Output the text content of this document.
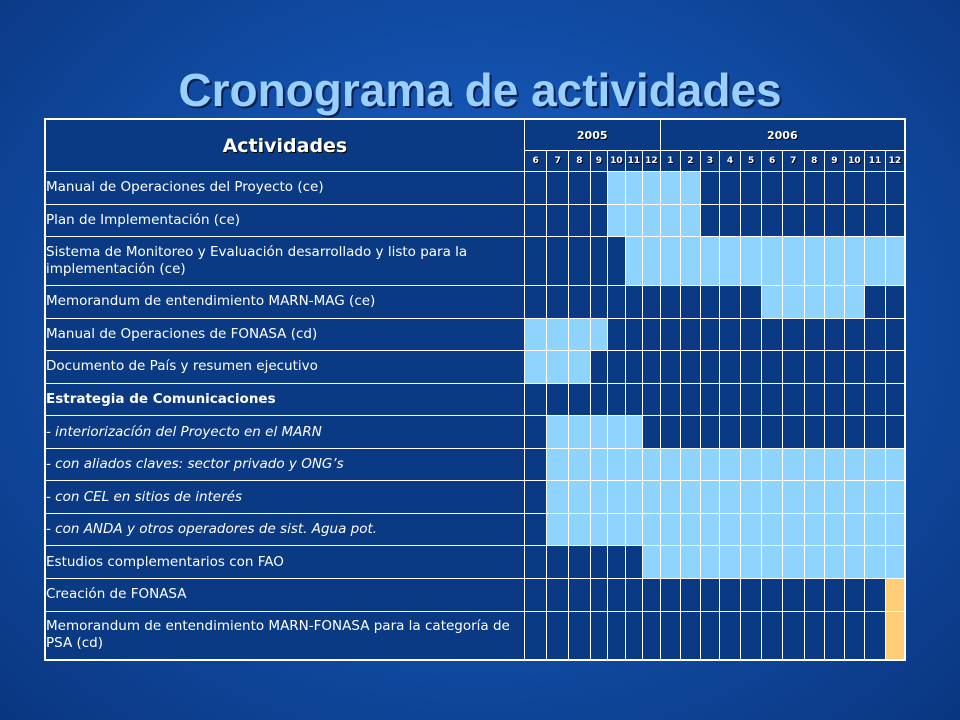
Cronograma de actividades
Actividades	2005							2006											
	6	7	8	9	10	11	12	1	2	3	4	5	6	7	8	9	10	11	12
Manual de Operaciones del Proyecto (ce)																			
Plan de Implementación (ce)																			
Sistema de Monitoreo y Evaluación desarrollado y listo para la implementación (ce)																			
Memorandum de entendimiento MARN-MAG (ce)																			
Manual de Operaciones de FONASA (cd)																			
Documento de País y resumen ejecutivo																			
Estrategia de Comunicaciones																			
- interiorizacíón del Proyecto en el MARN																			
- con aliados claves: sector privado y ONG’s																			
- con CEL en sitios de interés																			
- con ANDA y otros operadores de sist. Agua pot.																			
Estudios complementarios con FAO																			
Creación de FONASA																			
Memorandum de entendimiento MARN-FONASA para la categoría de PSA (cd)																			
